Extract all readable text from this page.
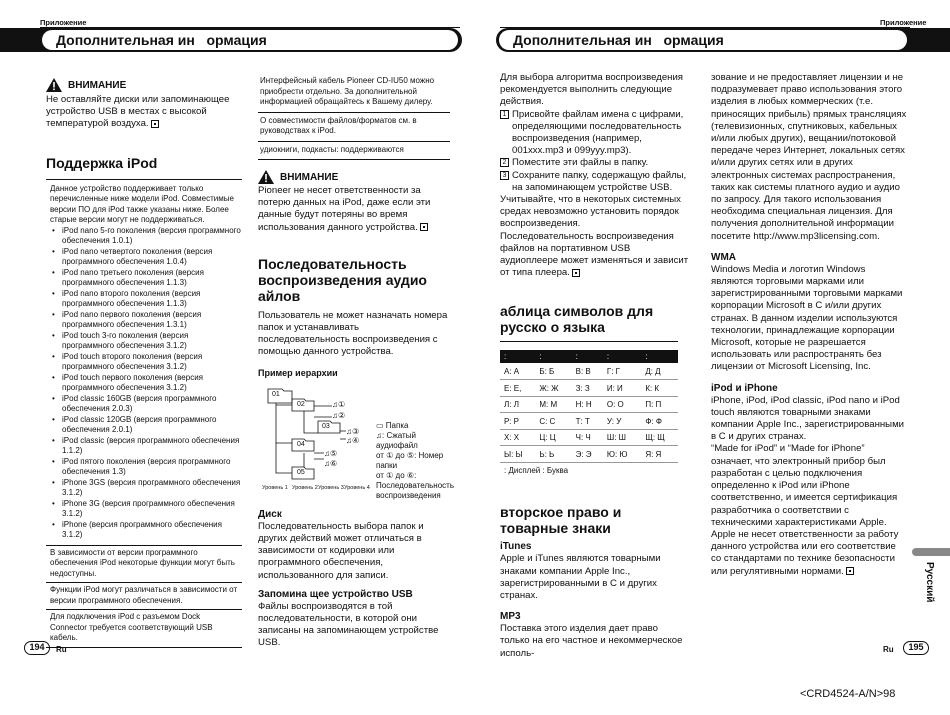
Приложение	Приложение
Дополнительная ин   ормация	Дополнительная ин   ормация
ВНИМАНИЕ
Не оставляйте диски или запоминающее устройство USB в местах с высокой температурой воздуха.
Поддержка iPod
Данное устройство поддерживает только перечисленные ниже модели iPod. Совместимые версии ПО для iPod также указаны ниже. Более старые версии могут не поддерживаться.
• iPod nano 5-го поколения (версия программного обеспечения 1.0.1)
• iPod nano четвертого поколения (версия программного обеспечения 1.0.4)
• iPod nano третьего поколения (версия программного обеспечения 1.1.3)
• iPod nano второго поколения (версия программного обеспечения 1.1.3)
• iPod nano первого поколения (версия программного обеспечения 1.3.1)
• iPod touch 3-го поколения (версия программного обеспечения 3.1.2)
• iPod touch второго поколения (версия программного обеспечения 3.1.2)
• iPod touch первого поколения (версия программного обеспечения 3.1.2)
• iPod classic 160GB (версия программного обеспечения 2.0.3)
• iPod classic 120GB (версия программного обеспечения 2.0.1)
• iPod classic (версия программного обеспечения 1.1.2)
• iPod пятого поколения (версия программного обеспечения 1.3)
• iPhone 3GS (версия программного обеспечения 3.1.2)
• iPhone 3G (версия программного обеспечения 3.1.2)
• iPhone (версия программного обеспечения 3.1.2)
В зависимости от версии программного обеспечения iPod некоторые функции могут быть недоступны.
Функции iPod могут различаться в зависимости от версии программного обеспечения.
Для подключения iPod с разъемом Dock Connector требуется соответствующий USB кабель.
Интерфейсный кабель Pioneer CD-IU50 можно приобрести отдельно. За дополнительной информацией обращайтесь к Вашему дилеру.
О совместимости файлов/форматов см. в руководствах к iPod.
удиокниги, подкасты: поддерживаются
ВНИМАНИЕ
Pioneer не несет ответственности за потерю данных на iPod, даже если эти данные будут потеряны во время использования данного устройства.
Последовательность воспроизведения аудио айлов
Пользователь не может назначать номера папок и устанавливать последовательность воспроизведения с помощью данного устройства.
Пример иерархии
01
02
03
04
05
♫①
♫②
♫③
♫④
♫⑤
♫⑥
Уровень 1 Уровень 2 Уровень 3 Уровень 4
▭ Папка
♫: Сжатый аудиофайл
от ① до ⑤: Номер папки
от ① до ⑥: Последовательность воспроизведения
Диск
Последовательность выбора папок и других действий может отличаться в зависимости от кодировки или программного обеспечения, использованного для записи.
Запомина щее устройство USB
Файлы воспроизводятся в той последовательности, в которой они записаны на запоминающем устройстве USB.
Для выбора алгоритма воспроизведения рекомендуется выполнить следующие действия.
1 Присвойте файлам имена с цифрами, определяющими последовательность воспроизведения (например, 001xxx.mp3 и 099yyy.mp3).
2 Поместите эти файлы в папку.
3 Сохраните папку, содержащую файлы, на запоминающем устройстве USB.
Учитывайте, что в некоторых системных средах невозможно установить порядок воспроизведения.
Последовательность воспроизведения файлов на портативном USB аудиоплеере может изменяться и зависит от типа плеера.
аблица символов для русско о языка
:	:	:	:	:
А: А	Б: Б	В: В	Г: Г	Д: Д
Е: Е,	Ж: Ж	З: З	И: И	К: К
Л: Л	М: М	Н: Н	О: О	П: П
Р: Р	С: С	Т: Т	У: У	Ф: Ф
Х: Х	Ц: Ц	Ч: Ч	Ш: Ш	Щ: Щ
Ы: Ы	Ь: Ь	Э: Э	Ю: Ю	Я: Я
: Дисплей : Буква
вторское право и товарные знаки
iTunes
Apple и iTunes являются товарными знаками компании Apple Inc., зарегистрированными в С и других странах.
MP3
Поставка этого изделия дает право только на его частное и некоммерческое исполь-
зование и не предоставляет лицензии и не подразумевает право использования этого изделия в любых коммерческих (т.е. приносящих прибыль) прямых трансляциях (телевизионных, спутниковых, кабельных и/или любых других), вещании/потоковой передаче через Интернет, локальных сетях и/или других сетях или в других электронных системах распространения, таких как системы платного аудио и аудио по запросу. Для такого использования необходима специальная лицензия. Для получения дополнительной информации посетите http://www.mp3licensing.com.
WMA
Windows Media и логотип Windows являются торговыми марками или зарегистрированными торговыми марками корпорации Microsoft в С и/или других странах. В данном изделии используются технологии, принадлежащие корпорации Microsoft, которые не разрешается использовать или распространять без лицензии от Microsoft Licensing, Inc.
iPod и iPhone
iPhone, iPod, iPod classic, iPod nano и iPod touch являются товарными знаками компании Apple Inc., зарегистрированными в С и других странах.
“Made for iPod” и “Made for iPhone” означает, что электронный прибор был разработан с целью подключения определенно к iPod или iPhone соответственно, и имеется сертификация разработчика о соответствии с техническими характеристиками Apple.
Apple не несет ответственности за работу данного устройства или его соответствие со стандартами по технике безопасности или регулятивными нормами.	Русский
194	Ru	Ru	195
<CRD4524-A/N>98
